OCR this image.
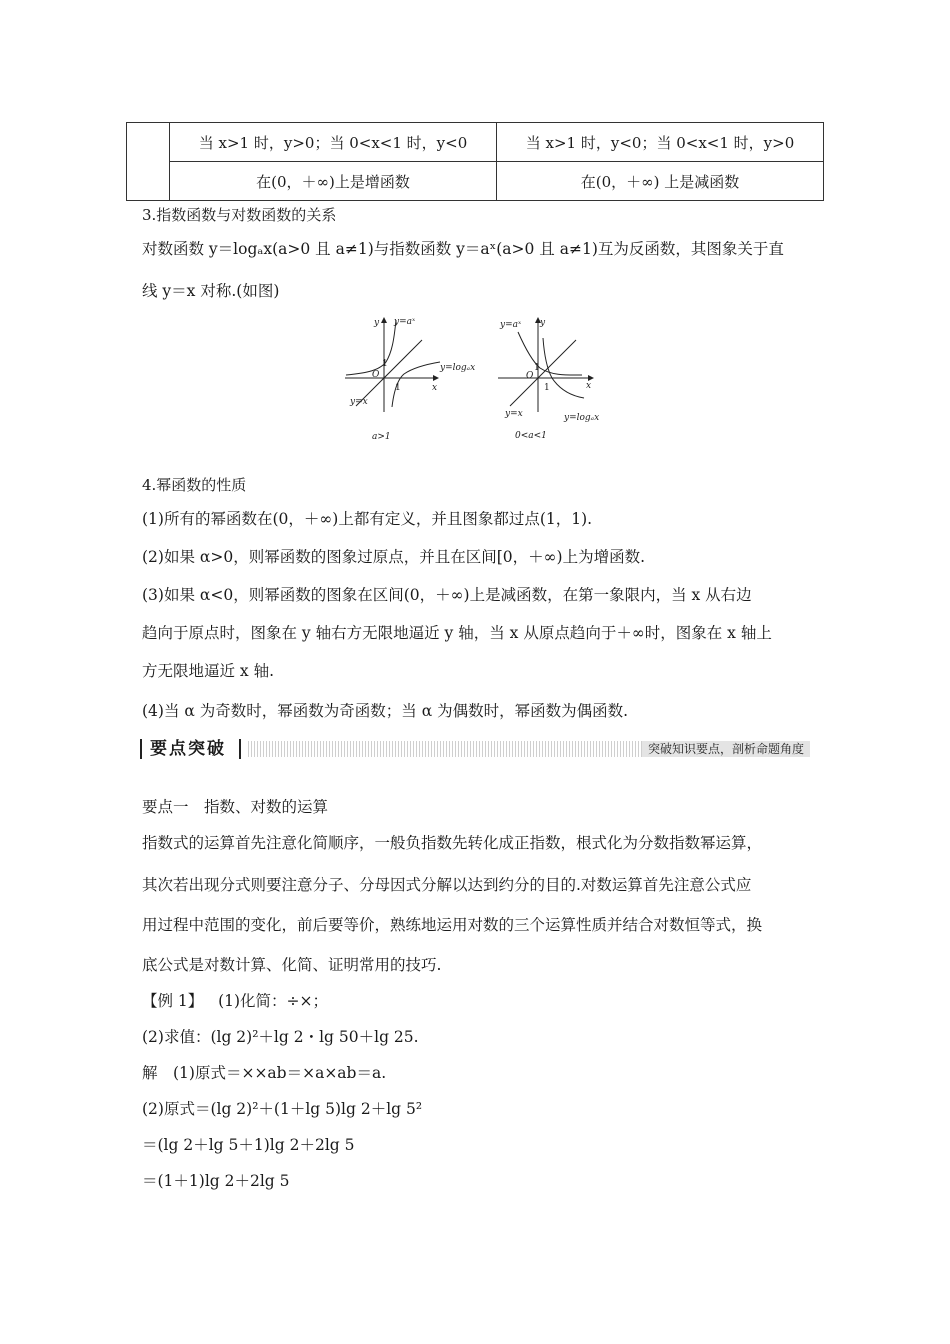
	当 x>1 时，y>0；当 0<x<1 时，y<0	当 x>1 时，y<0；当 0<x<1 时，y>0
	在(0，＋∞)上是增函数	在(0，＋∞) 上是减函数
3.指数函数与对数函数的关系
对数函数 y＝logₐx(a>0 且 a≠1)与指数函数 y＝aˣ(a>0 且 a≠1)互为反函数，其图象关于直
线 y＝x 对称.(如图)
y y=aˣ
1
O
y=logₐx
x
1
y=x
a>1
y=aˣ y
1
O
x
1
y=x	y=logₐx
0<a<1
4.幂函数的性质
(1)所有的幂函数在(0，＋∞)上都有定义，并且图象都过点(1，1).
(2)如果 α>0，则幂函数的图象过原点，并且在区间[0，＋∞)上为增函数.
(3)如果 α<0，则幂函数的图象在区间(0，＋∞)上是减函数，在第一象限内，当 x 从右边
趋向于原点时，图象在 y 轴右方无限地逼近 y 轴，当 x 从原点趋向于＋∞时，图象在 x 轴上
方无限地逼近 x 轴.
(4)当 α 为奇数时，幂函数为奇函数；当 α 为偶数时，幂函数为偶函数.
要点突破	突破知识要点，剖析命题角度
要点一　指数、对数的运算
指数式的运算首先注意化简顺序，一般负指数先转化成正指数，根式化为分数指数幂运算，
其次若出现分式则要注意分子、分母因式分解以达到约分的目的.对数运算首先注意公式应
用过程中范围的变化，前后要等价，熟练地运用对数的三个运算性质并结合对数恒等式，换
底公式是对数计算、化简、证明常用的技巧.
【例 1】 (1)化简：÷×；
(2)求值：(lg 2)²＋lg 2・lg 50＋lg 25.
解　(1)原式＝××ab＝×a×ab＝a.
(2)原式＝(lg 2)²＋(1＋lg 5)lg 2＋lg 5²
＝(lg 2＋lg 5＋1)lg 2＋2lg 5
＝(1＋1)lg 2＋2lg 5
